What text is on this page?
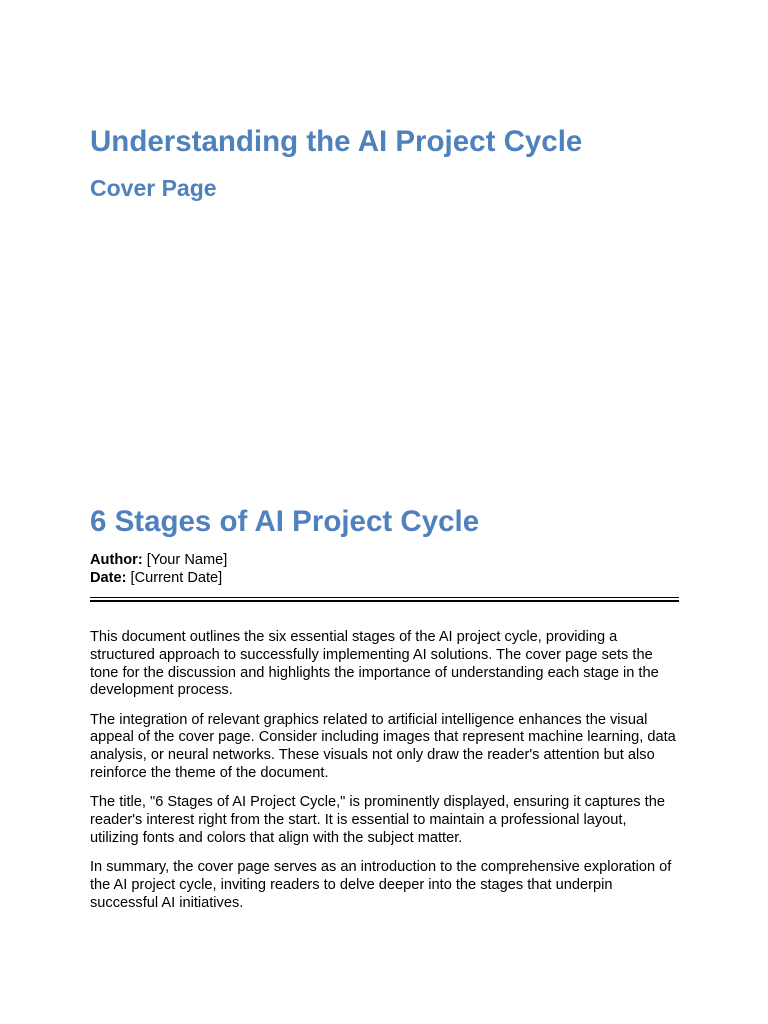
Understanding the AI Project Cycle
Cover Page
6 Stages of AI Project Cycle
Author: [Your Name]
Date: [Current Date]

This document outlines the six essential stages of the AI project cycle, providing a structured approach to successfully implementing AI solutions. The cover page sets the tone for the discussion and highlights the importance of understanding each stage in the development process.

The integration of relevant graphics related to artificial intelligence enhances the visual appeal of the cover page. Consider including images that represent machine learning, data analysis, or neural networks. These visuals not only draw the reader's attention but also reinforce the theme of the document.

The title, "6 Stages of AI Project Cycle," is prominently displayed, ensuring it captures the reader's interest right from the start. It is essential to maintain a professional layout, utilizing fonts and colors that align with the subject matter.

In summary, the cover page serves as an introduction to the comprehensive exploration of the AI project cycle, inviting readers to delve deeper into the stages that underpin successful AI initiatives.
